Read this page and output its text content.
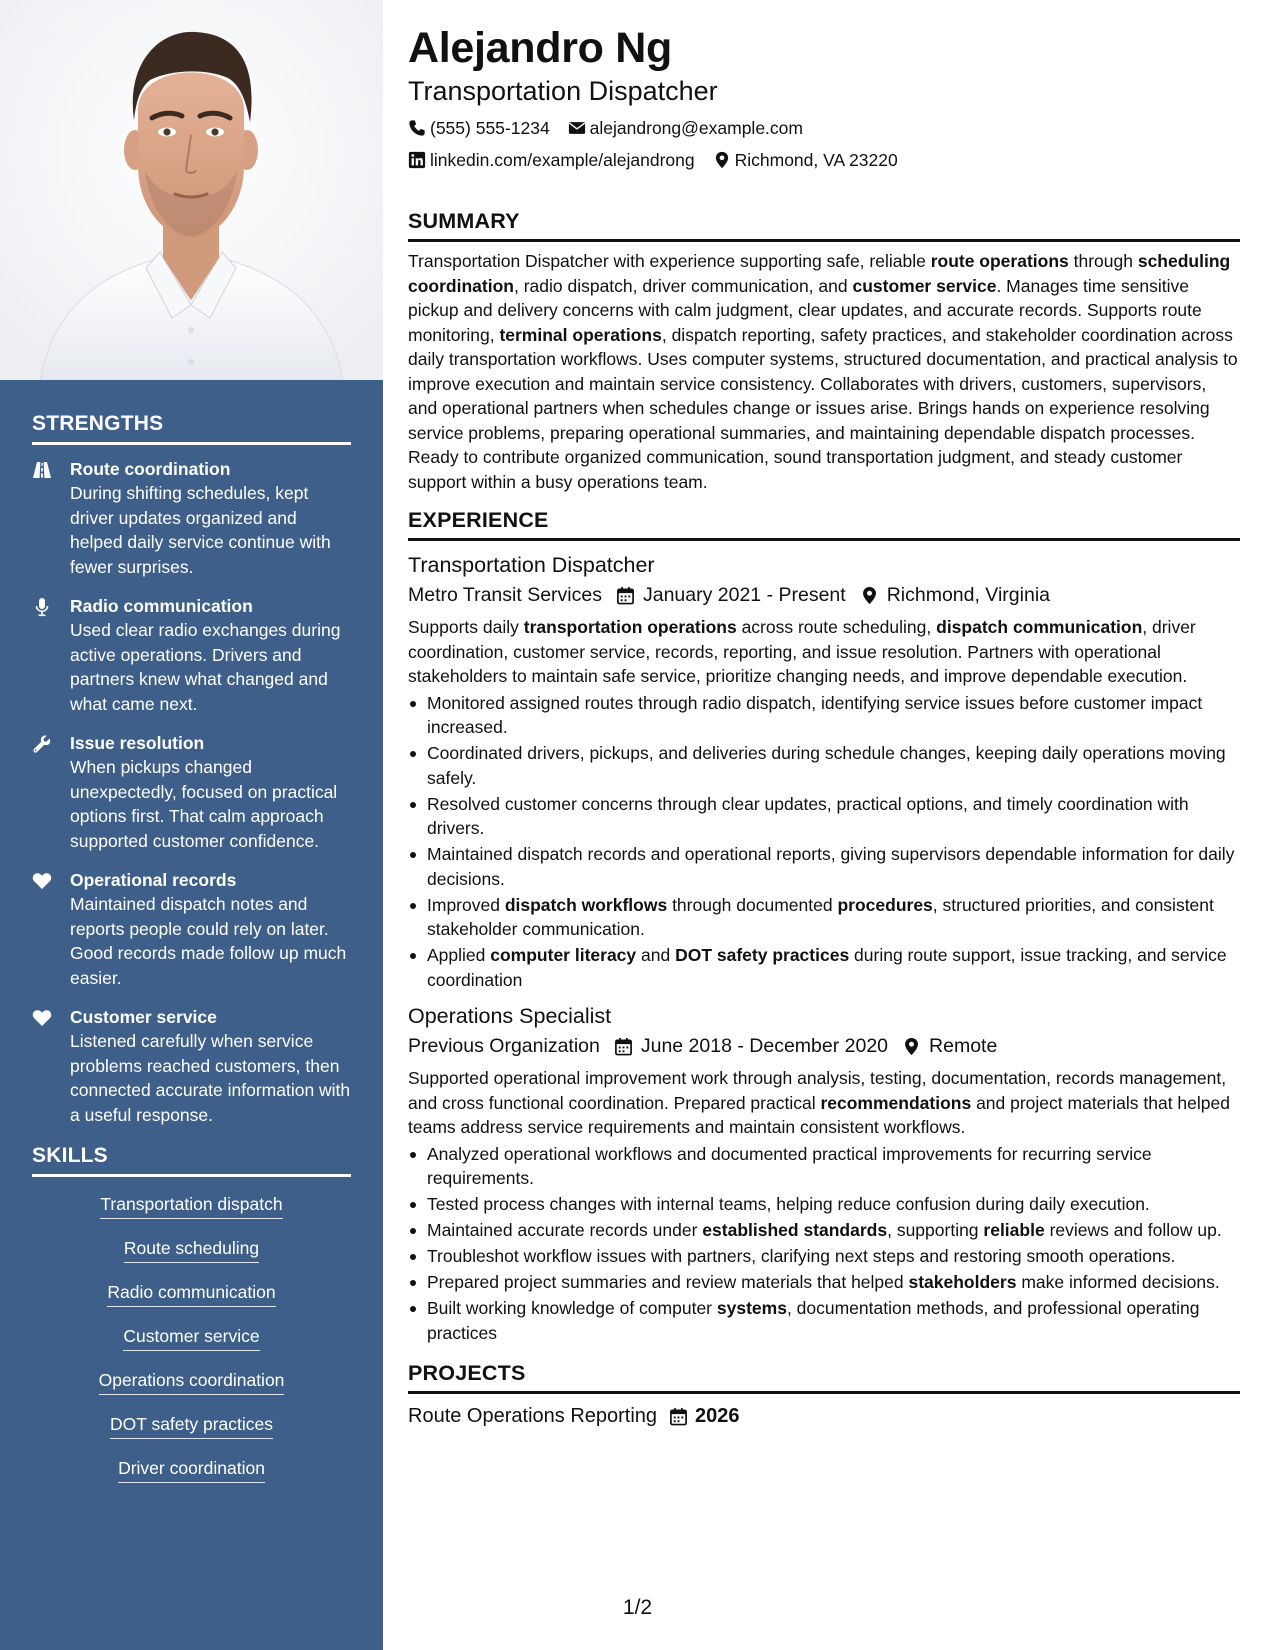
STRENGTHS
Route coordination
During shifting schedules, kept driver updates organized and helped daily service continue with fewer surprises.
Radio communication
Used clear radio exchanges during active operations. Drivers and partners knew what changed and what came next.
Issue resolution
When pickups changed unexpectedly, focused on practical options first. That calm approach supported customer confidence.
Operational records
Maintained dispatch notes and reports people could rely on later. Good records made follow up much easier.
Customer service
Listened carefully when service problems reached customers, then connected accurate information with a useful response.
SKILLS
Transportation dispatch
Route scheduling
Radio communication
Customer service
Operations coordination
DOT safety practices
Driver coordination
Alejandro Ng
Transportation Dispatcher
(555) 555-1234 alejandrong@example.com
linkedin.com/example/alejandrong Richmond, VA 23220
SUMMARY
Transportation Dispatcher with experience supporting safe, reliable route operations through scheduling coordination, radio dispatch, driver communication, and customer service. Manages time sensitive pickup and delivery concerns with calm judgment, clear updates, and accurate records. Supports route monitoring, terminal operations, dispatch reporting, safety practices, and stakeholder coordination across daily transportation workflows. Uses computer systems, structured documentation, and practical analysis to improve execution and maintain service consistency. Collaborates with drivers, customers, supervisors, and operational partners when schedules change or issues arise. Brings hands on experience resolving service problems, preparing operational summaries, and maintaining dependable dispatch processes. Ready to contribute organized communication, sound transportation judgment, and steady customer support within a busy operations team.
EXPERIENCE
Transportation Dispatcher
Metro Transit Services January 2021 - Present Richmond, Virginia
Supports daily transportation operations across route scheduling, dispatch communication, driver coordination, customer service, records, reporting, and issue resolution. Partners with operational stakeholders to maintain safe service, prioritize changing needs, and improve dependable execution.
Monitored assigned routes through radio dispatch, identifying service issues before customer impact increased.
Coordinated drivers, pickups, and deliveries during schedule changes, keeping daily operations moving safely.
Resolved customer concerns through clear updates, practical options, and timely coordination with drivers.
Maintained dispatch records and operational reports, giving supervisors dependable information for daily decisions.
Improved dispatch workflows through documented procedures, structured priorities, and consistent stakeholder communication.
Applied computer literacy and DOT safety practices during route support, issue tracking, and service coordination
Operations Specialist
Previous Organization June 2018 - December 2020 Remote
Supported operational improvement work through analysis, testing, documentation, records management, and cross functional coordination. Prepared practical recommendations and project materials that helped teams address service requirements and maintain consistent workflows.
Analyzed operational workflows and documented practical improvements for recurring service requirements.
Tested process changes with internal teams, helping reduce confusion during daily execution.
Maintained accurate records under established standards, supporting reliable reviews and follow up.
Troubleshot workflow issues with partners, clarifying next steps and restoring smooth operations.
Prepared project summaries and review materials that helped stakeholders make informed decisions.
Built working knowledge of computer systems, documentation methods, and professional operating practices
PROJECTS
Route Operations Reporting 2026
1/2
